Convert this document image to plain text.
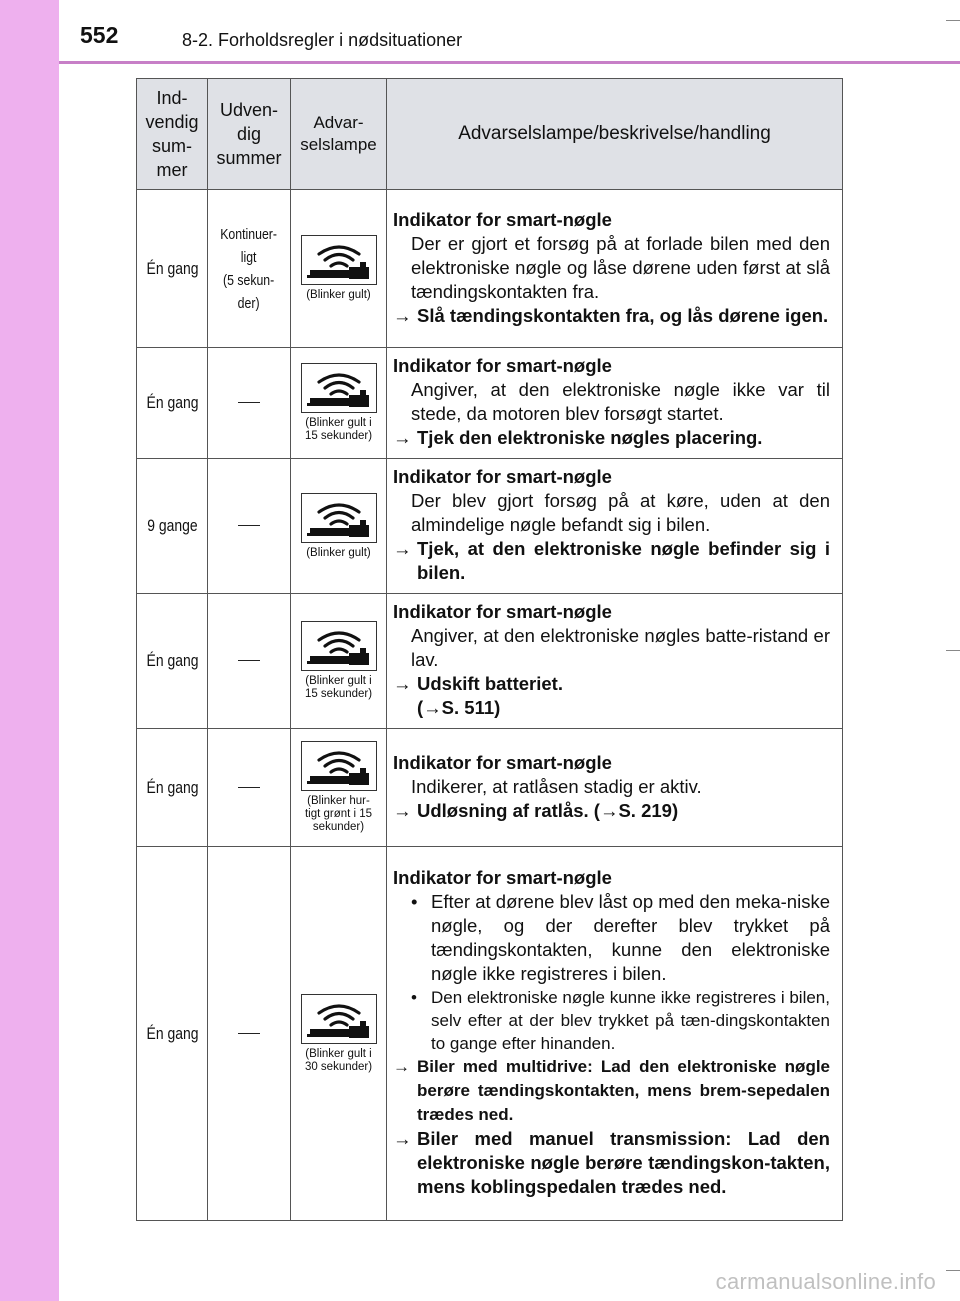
552	8-2. Forholdsregler i nødsituationer
Ind-
vendig
sum-
mer	Udven-
dig
summer	Advar-
selslampe	Advarselslampe/beskrivelse/handling
Én gang	Kontinuer-
ligt
(5 sekun-
der)	(Blinker gult)	Indikator for smart-nøgle
Der er gjort et forsøg på at forlade bilen med den elektroniske nøgle og låse dørene uden først at slå tændingskontakten fra.
→ Slå tændingskontakten fra, og lås dørene igen.

Én gang		(Blinker gult i
15 sekunder)	Indikator for smart-nøgle
Angiver, at den elektroniske nøgle ikke var til stede, da motoren blev forsøgt startet.
→ Tjek den elektroniske nøgles placering.

9 gange		(Blinker gult)	Indikator for smart-nøgle
Der blev gjort forsøg på at køre, uden at den almindelige nøgle befandt sig i bilen.
→ Tjek, at den elektroniske nøgle befinder sig i bilen.

Én gang		(Blinker gult i
15 sekunder)	Indikator for smart-nøgle
Angiver, at den elektroniske nøgles batte-ristand er lav.
→ Udskift batteriet.
(→S. 511)

Én gang		(Blinker hur-
tigt grønt i 15
sekunder)	Indikator for smart-nøgle
Indikerer, at ratlåsen stadig er aktiv.
→ Udløsning af ratlås. (→S. 219)

Én gang		(Blinker gult i
30 sekunder)	Indikator for smart-nøgle
• Efter at dørene blev låst op med den meka-niske nøgle, og der derefter blev trykket på tændingskontakten, kunne den elektroniske nøgle ikke registreres i bilen.
• Den elektroniske nøgle kunne ikke registreres i bilen, selv efter at der blev trykket på tæn-dingskontakten to gange efter hinanden.
→ Biler med multidrive: Lad den elektroniske nøgle berøre tændingskontakten, mens brem-sepedalen trædes ned.
→ Biler med manuel transmission: Lad den elektroniske nøgle berøre tændingskon-takten, mens koblingspedalen trædes ned.
carmanualsonline.info
